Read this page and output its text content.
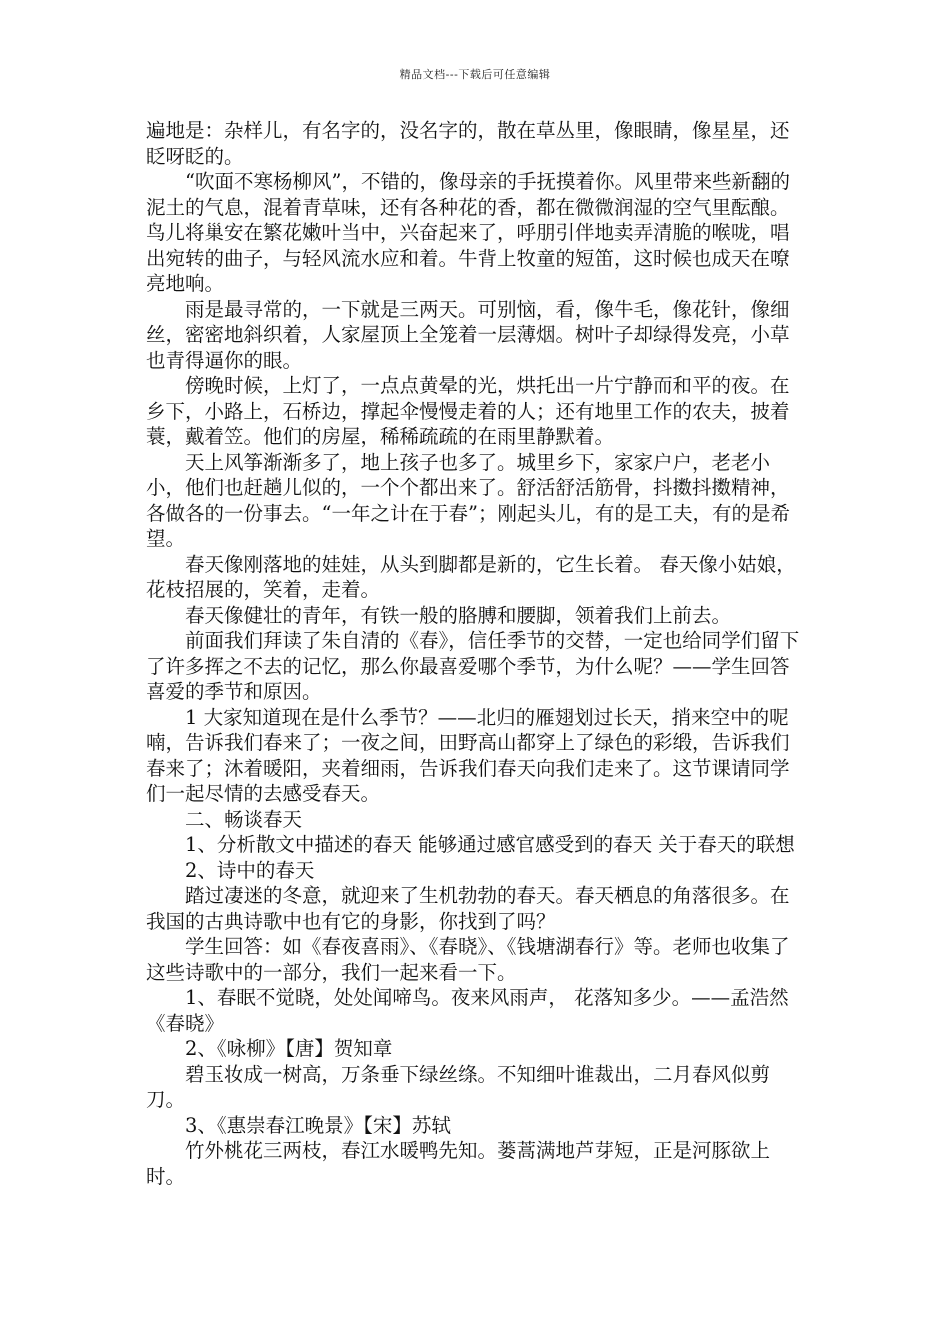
精品文档---下载后可任意编辑

遍地是：杂样儿，有名字的，没名字的，散在草丛里，像眼睛，像星星，还眨呀眨的。

“吹面不寒杨柳风”，不错的，像母亲的手抚摸着你。风里带来些新翻的泥土的气息，混着青草味，还有各种花的香，都在微微润湿的空气里酝酿。鸟儿将巢安在繁花嫩叶当中，兴奋起来了，呼朋引伴地卖弄清脆的喉咙，唱出宛转的曲子，与轻风流水应和着。牛背上牧童的短笛，这时候也成天在嘹亮地响。

雨是最寻常的，一下就是三两天。可别恼，看，像牛毛，像花针，像细丝，密密地斜织着，人家屋顶上全笼着一层薄烟。树叶子却绿得发亮，小草也青得逼你的眼。

傍晚时候，上灯了，一点点黄晕的光，烘托出一片宁静而和平的夜。在乡下，小路上，石桥边，撑起伞慢慢走着的人；还有地里工作的农夫，披着蓑，戴着笠。他们的房屋，稀稀疏疏的在雨里静默着。

天上风筝渐渐多了，地上孩子也多了。城里乡下，家家户户，老老小小，他们也赶趟儿似的，一个个都出来了。舒活舒活筋骨，抖擞抖擞精神，各做各的一份事去。“一年之计在于春”；刚起头儿，有的是工夫，有的是希望。

春天像刚落地的娃娃，从头到脚都是新的，它生长着。 春天像小姑娘，花枝招展的，笑着，走着。

春天像健壮的青年，有铁一般的胳膊和腰脚，领着我们上前去。

前面我们拜读了朱自清的《春》，信任季节的交替，一定也给同学们留下了许多挥之不去的记忆，那么你最喜爱哪个季节，为什么呢？——学生回答喜爱的季节和原因。

1 大家知道现在是什么季节？——北归的雁翅划过长天，捎来空中的呢喃，告诉我们春来了；一夜之间，田野高山都穿上了绿色的彩缎，告诉我们春来了；沐着暖阳，夹着细雨，告诉我们春天向我们走来了。这节课请同学们一起尽情的去感受春天。

二、畅谈春天

1、分析散文中描述的春天 能够通过感官感受到的春天 关于春天的联想

2、诗中的春天

踏过凄迷的冬意，就迎来了生机勃勃的春天。春天栖息的角落很多。在我国的古典诗歌中也有它的身影，你找到了吗？

学生回答：如《春夜喜雨》、《春晓》、《钱塘湖春行》等。老师也收集了这些诗歌中的一部分，我们一起来看一下。

1、春眠不觉晓，处处闻啼鸟。夜来风雨声， 花落知多少。——孟浩然《春晓》

2、《咏柳》【唐】贺知章

碧玉妆成一树高，万条垂下绿丝绦。不知细叶谁裁出，二月春风似剪刀。

3、《惠崇春江晚景》【宋】苏轼

竹外桃花三两枝，春江水暖鸭先知。蒌蒿满地芦芽短，正是河豚欲上时。
